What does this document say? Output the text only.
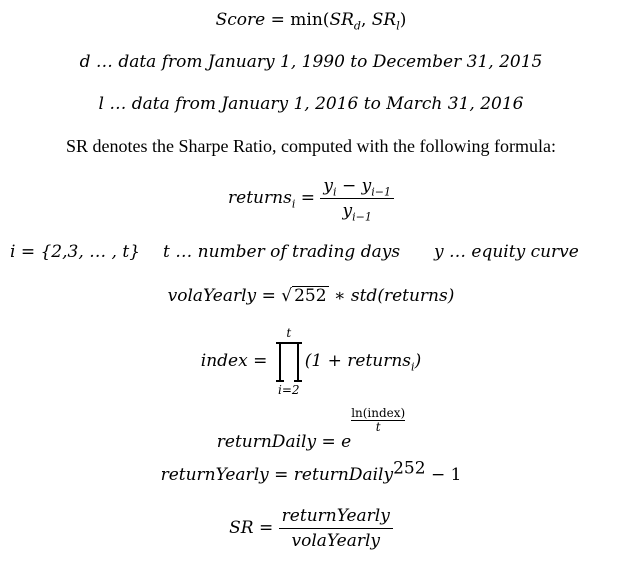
Score = $\min(SR_d$, $SR_l$)
d … data from January 1, 1990 to December 31, 2015
l … data from January 1, 2016 to March 31, 2016
SR denotes the Sharpe Ratio, computed with the following formula:
returns$_i$ = $\frac{y_i - y_{i-1}}{y_{i-1}}$
i = {2,3, … , t} t … number of trading days y … equity curve
volaYearly = √ 252 ∗ std(returns)
index = t
i=2(1 + returns$_i$)
returnDaily = e
ln(index)
t
returnYearly = returnDaily$^{252}$ − 1
SR = $\frac{\text{returnYearly}}{\text{volaYearly}}$
